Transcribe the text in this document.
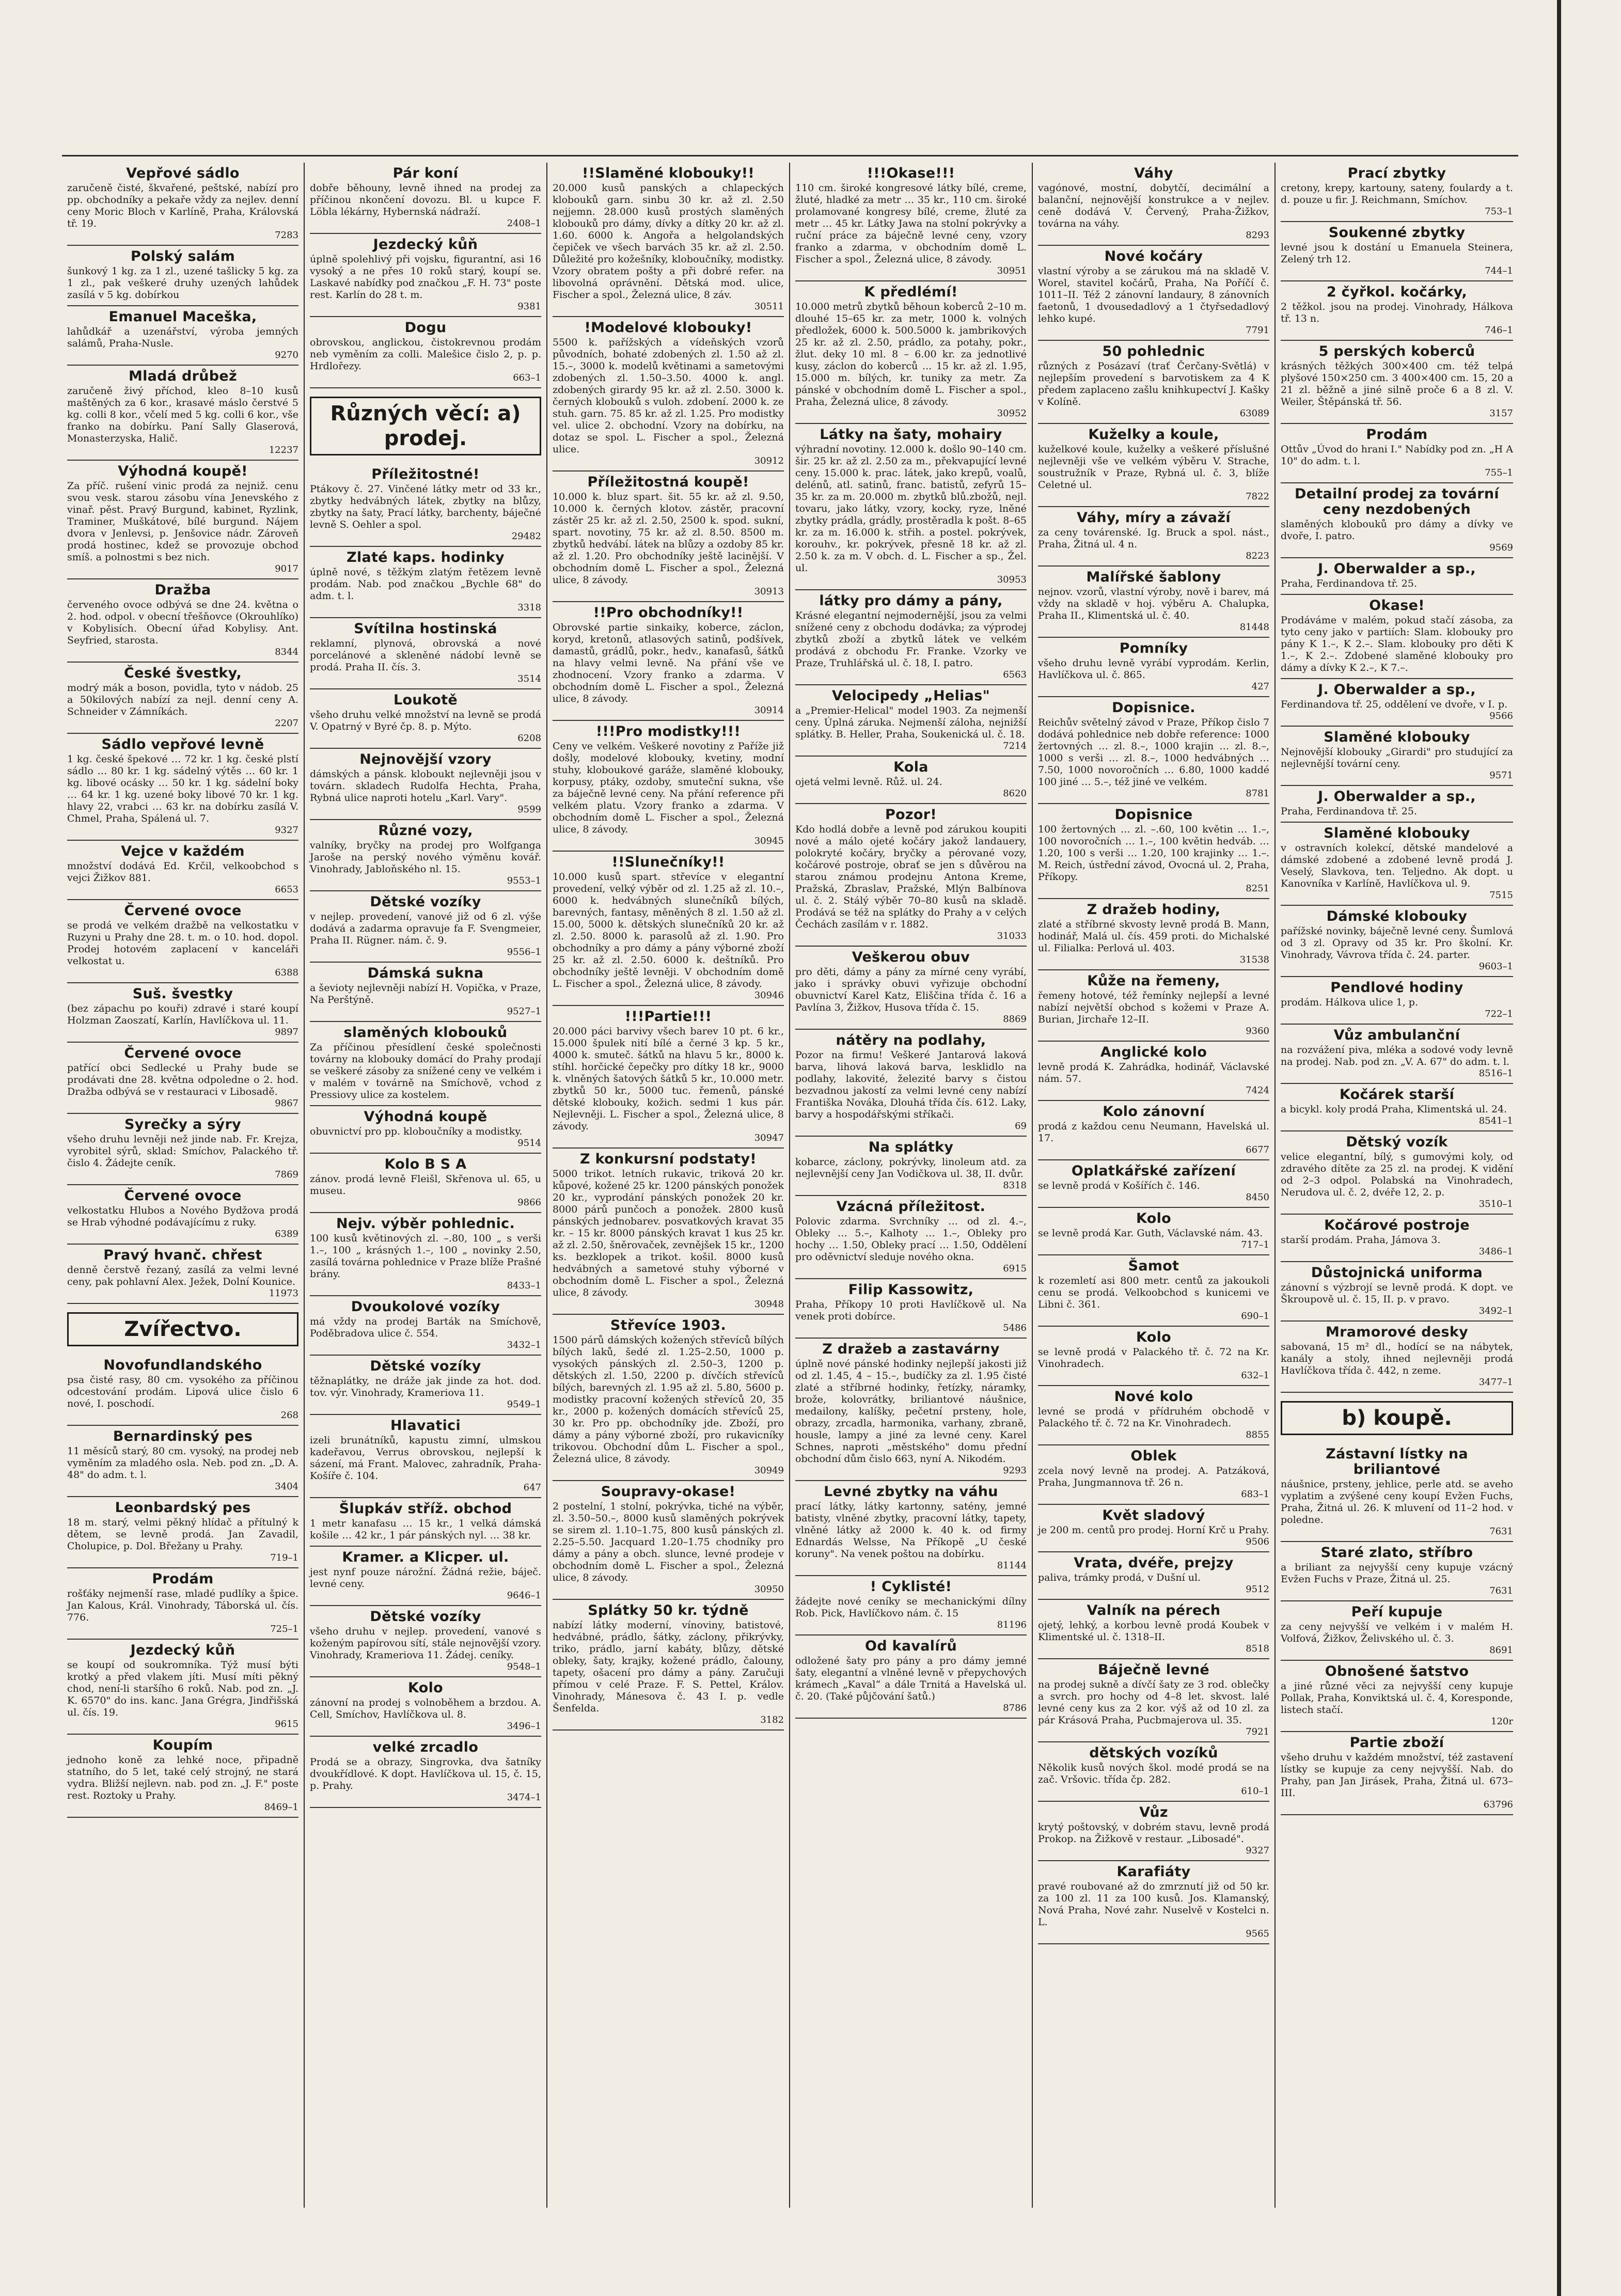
Vepřové sádlo

zaručeně čisté, škvařené, peštské, nabízí pro pp. obchodníky a pekaře vždy za nejlev. denní ceny Moric Bloch v Karlíně, Praha, Královská tř. 19.

7283
Polský salám

šunkový 1 kg. za 1 zl., uzené tašlicky 5 kg. za 1 zl., pak veškeré druhy uzených lahůdek zasílá v 5 kg. dobírkou

Emanuel Maceška,

lahůdkář a uzenářství, výroba jemných salámů, Praha-Nusle.

9270
Mladá drůbež

zaručeně živý příchod, kleo 8–10 kusů maštěných za 6 kor., krasavé máslo čerstvé 5 kg. colli 8 kor., včelí med 5 kg. colli 6 kor., vše franko na dobírku. Paní Sally Glaserová, Monasterzyska, Halič.

12237
Výhodná koupě!

Za příč. rušení vinic prodá za nejniž. cenu svou vesk. starou zásobu vína Jenevského z vinař. pěst. Pravý Burgund, kabinet, Ryzlink, Traminer, Muškátové, bílé burgund. Nájem dvora v Jenlevsi, p. Jenšovice nádr. Zároveň prodá hostinec, kdež se provozuje obchod smíš. a polnostmi s bez nich.

9017
Dražba

červeného ovoce odbývá se dne 24. května o 2. hod. odpol. v obecní třešňovce (Okrouhlíko) v Kobylisích. Obecní úřad Kobylisy. Ant. Seyfried, starosta.

8344
České švestky,

modrý mák a boson, povidla, tyto v nádob. 25 a 50kilových nabízí za nejl. denní ceny A. Schneider v Zámníkách.

2207
Sádlo vepřové levně

1 kg. české špekové … 72 kr. 1 kg. české plstí sádlo … 80 kr. 1 kg. sádelný výtěs … 60 kr. 1 kg. libové ocásky … 50 kr. 1 kg. sádelní boky … 64 kr. 1 kg. uzené boky libové 70 kr. 1 kg. hlavy 22, vrabci … 63 kr. na dobírku zasílá V. Chmel, Praha, Spálená ul. 7.

9327
Vejce v každém

množství dodává Ed. Krčil, velkoobchod s vejci Žižkov 881.

6653
Červené ovoce

se prodá ve velkém dražbě na velkostatku v Ruzyni u Prahy dne 28. t. m. o 10. hod. dopol. Prodej hotovém zaplacení v kanceláři velkostat u.

6388
Suš. švestky

(bez zápachu po kouři) zdravé i staré koupí Holzman Zaoszatí, Karlín, Havlíčkova ul. 11.

9897
Červené ovoce

patřící obci Sedlecké u Prahy bude se prodávati dne 28. května odpoledne o 2. hod. Dražba odbývá se v restauraci v Libosadě.

9867
Syrečky a sýry

všeho druhu levněji než jinde nab. Fr. Krejza, vyrobitel sýrů, sklad: Smíchov, Palackého tř. čislo 4. Žádejte ceník.

7869
Červené ovoce

velkostatku Hlubos a Nového Bydžova prodá se Hrab výhodné podávajícímu z ruky.

6389
Pravý hvanč. chřest

denně čerstvě řezaný, zasílá za velmi levné ceny, pak pohlavní Alex. Ježek, Dolní Kounice.

11973
Zvířectvo.
Novofundlandského

psa čisté rasy, 80 cm. vysokého za příčinou odcestování prodám. Lipová ulice čislo 6 nové, I. poschodí.

268
Bernardinský pes

11 měsíců starý, 80 cm. vysoký, na prodej neb vyměním za mladého osla. Neb. pod zn. „D. A. 48" do adm. t. l.

3404
Leonbardský pes

18 m. starý, velmi pěkný hlídač a přítulný k dětem, se levně prodá. Jan Zavadil, Cholupice, p. Dol. Břežany u Prahy.

719–1
Prodám

rošťáky nejmenší rase, mladé pudlíky a špice. Jan Kalous, Král. Vinohrady, Táborská ul. čís. 776.

725–1
Jezdecký kůň

se koupí od soukromníka. Týž musí býti krotký a před vlakem jíti. Musí míti pěkný chod, není-li staršího 6 roků. Nab. pod zn. „J. K. 6570" do ins. kanc. Jana Grégra, Jindřišská ul. čís. 19.

9615
Koupím

jednoho koně za lehké noce, připadně statního, do 5 let, také celý strojný, ne stará vydra. Bližší nejlevn. nab. pod zn. „J. F." poste rest. Roztoky u Prahy.

8469–1
Pár koní

dobře běhouny, levně ihned na prodej za příčinou nkončení dovozu. Bl. u kupce F. Löbla lékárny, Hybernská nádraží.

2408–1
Jezdecký kůň

úplně spolehlivý při vojsku, figurantní, asi 16 vysoký a ne přes 10 roků starý, koupí se. Laskavé nabídky pod značkou „F. H. 73" poste rest. Karlín do 28 t. m.

9381
Dogu

obrovskou, anglickou, čistokrevnou prodám neb vyměním za colli. Malešice čislo 2, p. p. Hrdlořezy.

663–1
Různých věcí: a) prodej.
Příležitostné!

Ptákovy č. 27. Vinčené látky metr od 33 kr., zbytky hedvábných látek, zbytky na blůzy, zbytky na šaty, Prací látky, barchenty, báječné levně S. Oehler a spol.

29482
Zlaté kaps. hodinky

úplně nové, s těžkým zlatým řetězem levně prodám. Nab. pod značkou „Bychle 68" do adm. t. l.

3318
Svítilna hostinská

reklamní, plynová, obrovská a nové porcelánové a skleněné nádobí levně se prodá. Praha II. čís. 3.

3514
Loukotě

všeho druhu velké množství na levně se prodá V. Opatrný v Byré čp. 8. p. Mýto.

6208
Nejnovější vzory

dámských a pánsk. kloboukt nejlevněji jsou v továrn. skladech Rudolfa Hechta, Praha, Rybná ulice naproti hotelu „Karl. Vary".

9599
Různé vozy,

valníky, bryčky na prodej pro Wolfganga Jaroše na perský nového výměnu kovář. Vinohrady, Jabloňského nl. 15.

9553–1
Dětské vozíky

v nejlep. provedení, vanové již od 6 zl. výše dodává a zadarma opravuje fa F. Svengmeier, Praha II. Rügner. nám. č. 9.

9556–1
Dámská sukna

a ševioty nejlevněji nabízí H. Vopička, v Praze, Na Perštýně.

9527–1
slaměných klobouků

Za příčinou přesídlení české společnosti továrny na klobouky domácí do Prahy prodají se veškeré zásoby za snížené ceny ve velkém i v malém v továrně na Smíchově, vchod z Pressiovy ulice za kostelem.

Výhodná koupě

obuvnictví pro pp. kloboučníky a modistky.

9514
Kolo B S A

zánov. prodá levně Fleišl, Skřenova ul. 65, u museu.

9866
Nejv. výběr pohlednic.

100 kusů květinových zl. –.80, 100 „ s verši 1.–, 100 „ krásných 1.–, 100 „ novinky 2.50, zasílá továrna pohlednice v Praze blíže Prašné brány.

8433–1
Dvoukolové vozíky

má vždy na prodej Barták na Smíchově, Poděbradova ulice č. 554.

3432–1
Dětské vozíky

těžnaplátky, ne dráže jak jinde za hot. dod. tov. výr. Vinohrady, Krameriova 11.

9549–1
Hlavatici

izeli brunátníků, kapustu zimní, ulmskou kadeřavou, Verrus obrovskou, nejlepší k sázení, má Frant. Malovec, zahradník, Praha-Košíře č. 104.

647
Šlupkáv stříž. obchod

1 metr kanafasu … 15 kr., 1 velká dámská košile … 42 kr., 1 pár pánských nyl. … 38 kr.

Kramer. a Klicper. ul.

jest nynf pouze nárožní. Žádná režie, báječ. levné ceny.

9646–1
Dětské vozíky

všeho druhu v nejlep. provedení, vanové s koženým papírovou sítí, stále nejnovější vzory. Vinohrady, Krameriova 11. Žádej. ceníky.

9548–1
Kolo

zánovní na prodej s volnoběhem a brzdou. A. Cell, Smíchov, Havlíčkova ul. 8.

3496–1
velké zrcadlo

Prodá se a obrazy, Singrovka, dva šatníky dvoukřídlové. K dopt. Havlíčkova ul. 15, č. 15, p. Prahy.

3474–1
!!Slaměné klobouky!!

20.000 kusů panských a chlapeckých klobouků garn. sinbu 30 kr. až zl. 2.50 nejjemn. 28.000 kusů prostých slaměných klobouků pro dámy, dívky a dítky 20 kr. až zl. 1.60. 6000 k. Angořa a helgolandských čepiček ve všech barvách 35 kr. až zl. 2.50. Důležité pro kožešníky, kloboučníky, modistky. Vzory obratem pošty a při dobré refer. na libovolná oprávnění. Dětská mod. ulice, Fischer a spol., Železná ulice, 8 záv.

30511
!Modelové klobouky!

5500 k. pařížských a vídeňských vzorů původních, bohaté zdobených zl. 1.50 až zl. 15.–, 3000 k. modelů květinami a sametovými zdobených zl. 1.50–3.50. 4000 k. angl. zdobených girardy 95 kr. až zl. 2.50. 3000 k. černých klobouků s vuloh. zdobení. 2000 k. ze stuh. garn. 75. 85 kr. až zl. 1.25. Pro modistky vel. ulice 2. obchodní. Vzory na dobírku, na dotaz se spol. L. Fischer a spol., Železná ulice.

30912
Příležitostná koupě!

10.000 k. bluz spart. šit. 55 kr. až zl. 9.50, 10.000 k. černých klotov. zástěr, pracovní zástěr 25 kr. až zl. 2.50, 2500 k. spod. sukní, spart. novotiny, 75 kr. až zl. 8.50. 8500 m. zbytků hedvábí. látek na blůzy a ozdoby 85 kr. až zl. 1.20. Pro obchodníky ještě lacinější. V obchodním domě L. Fischer a spol., Železná ulice, 8 závody.

30913
!!Pro obchodníky!!

Obrovské partie sinkaiky, koberce, záclon, koryd, kretonů, atlasových satinů, podšívek, damastů, grádlů, pokr., hedv., kanafasů, šátků na hlavy velmi levně. Na přání vše ve zhodnocení. Vzory franko a zdarma. V obchodním domě L. Fischer a spol., Železná ulice, 8 závody.

30914
!!!Pro modistky!!!

Ceny ve velkém. Veškeré novotiny z Paříže již došly, modelové klobouky, kvetiny, modní stuhy, kloboukové garáže, slaměné klobouky, korpusy, ptáky, ozdoby, smuteční sukna, vše za báječně levné ceny. Na přání reference při velkém platu. Vzory franko a zdarma. V obchodním domě L. Fischer a spol., Železná ulice, 8 závody.

30945
!!Slunečníky!!

10.000 kusů spart. střevíce v elegantní provedení, velký výběr od zl. 1.25 až zl. 10.–, 6000 k. hedvábných slunečníků bílých, barevných, fantasy, měněných 8 zl. 1.50 až zl. 15.00, 5000 k. dětských slunečníků 20 kr. až zl. 2.50. 8000 k. parasolů až zl. 1.90. Pro obchodníky a pro dámy a pány výborné zboží 25 kr. až zl. 2.50. 6000 k. deštníků. Pro obchodníky ještě levněji. V obchodním domě L. Fischer a spol., Železná ulice, 8 závody.

30946
!!!Partie!!!

20.000 páci barvivy všech barev 10 pt. 6 kr., 15.000 špulek nití bílé a černé 3 kp. 5 kr., 4000 k. smuteč. šátků na hlavu 5 kr., 8000 k. stíhl. horčické čepečky pro dítky 18 kr., 9000 k. vlněných šatových šátků 5 kr., 10.000 metr. zbytků 50 kr., 5000 tuc. řemenů, pánské dětské klobouky, kožich. sedmi 1 kus pár. Nejlevněji. L. Fischer a spol., Železná ulice, 8 závody.

30947
Z konkursní podstaty!

5000 trikot. letních rukavic, triková 20 kr. kůpové, kožené 25 kr. 1200 pánských ponožek 20 kr., vyprodání pánských ponožek 20 kr. 8000 párů punčoch a ponožek. 2800 kusů pánských jednobarev. posvatkových kravat 35 kr. – 15 kr. 8000 pánských kravat 1 kus 25 kr. až zl. 2.50, šněrovaček, zevnějšek 15 kr., 1200 ks. bezklopek a trikot. košil. 8000 kusů hedvábných a sametové stuhy výborné v obchodním domě L. Fischer a spol., Železná ulice, 8 závody.

30948
Střevíce 1903.

1500 párů dámských kožených střevíců bílých bílých laků, šedé zl. 1.25–2.50, 1000 p. vysokých pánských zl. 2.50–3, 1200 p. dětských zl. 1.50, 2200 p. dívčích střevíců bílých, barevných zl. 1.95 až zl. 5.80, 5600 p. modistky pracovní kožených střevíců 20, 35 kr., 2000 p. kožených domácích střevíců 25, 30 kr. Pro pp. obchodníky jde. Zboží, pro dámy a pány výborné zboží, pro rukavicníky trikovou. Obchodní dům L. Fischer a spol., Železná ulice, 8 závody.

30949
Soupravy-okase!

2 postelní, 1 stolní, pokrývka, tiché na výběr, zl. 3.50–50.–, 8000 kusů slaměných pokrývek se sirem zl. 1.10–1.75, 800 kusů pánských zl. 2.25–5.50. Jacquard 1.20–1.75 chodníky pro dámy a pány a obch. slunce, levné prodeje v obchodním domě L. Fischer a spol., Železná ulice, 8 závody.

30950
Splátky 50 kr. týdně

nabízí látky moderní, vínoviny, batistové, hedvábné, prádlo, šátky, záclony, přikrývky, triko, prádlo, jarní kabáty, blůzy, dětské obleky, šaty, krajky, kožené prádlo, čalouny, tapety, ošacení pro dámy a pány. Zaručuji přímou v celé Praze. F. S. Pettel, Králov. Vinohrady, Mánesova č. 43 I. p. vedle Šenfelda.

3182
!!!Okase!!!

110 cm. široké kongresové látky bílé, creme, žluté, hladké za metr … 35 kr., 110 cm. široké prolamované kongresy bílé, creme, žluté za metr … 45 kr. Látky Jawa na stolní pokrývky a ruční práce za báječně levné ceny, vzory franko a zdarma, v obchodním domě L. Fischer a spol., Železná ulice, 8 závody.

30951
K předlémí!

10.000 metrů zbytků běhoun koberců 2–10 m. dlouhé 15–65 kr. za metr, 1000 k. volných předložek, 6000 k. 500.5000 k. jambrikových 25 kr. až zl. 2.50, prádlo, za potahy, pokr., žlut. deky 10 ml. 8 – 6.00 kr. za jednotlivé kusy, záclon do koberců ... 15 kr. až zl. 1.95, 15.000 m. bílých, kr. tuniky za metr. Za pánské v obchodním domě L. Fischer a spol., Praha, Železná ulice, 8 závody.

30952
Látky na šaty, mohairy

výhradní novotiny. 12.000 k. došlo 90–140 cm. šir. 25 kr. až zl. 2.50 za m., překvapující levné ceny. 15.000 k. prac. látek, jako krepů, voalů, delénů, atl. satinů, franc. batistů, zefyrů 15–35 kr. za m. 20.000 m. zbytků blů.zbožů, nejl. tovaru, jako látky, vzory, kocky, ryze, lněné zbytky prádla, grádly, prostěradla k pošt. 8–65 kr. za m. 16.000 k. střih. a postel. pokrývek, korouhv., kr. pokrývek, přesně 18 kr. až zl. 2.50 k. za m. V obch. d. L. Fischer a sp., Žel. ul.

30953
látky pro dámy a pány,

Krásné elegantní nejmodernější, jsou za velmi snížené ceny z obchodu dodávka; za výprodej zbytků zboží a zbytků látek ve velkém prodává z obchodu Fr. Franke. Vzorky ve Praze, Truhlářská ul. č. 18, I. patro.

6563
Velocipedy „Helias"

a „Premier-Helical" model 1903. Za nejmenší ceny. Úplná záruka. Nejmenší záloha, nejnižší splátky. B. Heller, Praha, Soukenická ul. č. 18.

7214
Kola

ojetá velmi levně. Růž. ul. 24.

8620
Pozor!

Kdo hodlá dobře a levně pod zárukou koupiti nové a málo ojeté kočáry jakož landauery, polokryté kočáry, bryčky a pérované vozy, kočárové postroje, obrať se jen s důvěrou na starou známou prodejnu Antona Kreme, Pražská, Zbraslav, Pražské, Mlýn Balbínova ul. č. 2. Stálý výběr 70–80 kusů na skladě. Prodává se též na splátky do Prahy a v celých Čechách zasílám v r. 1882.

31033
Veškerou obuv

pro děti, dámy a pány za mírné ceny vyrábí, jako i správky obuvi vyřizuje obchodní obuvnictví Karel Katz, Eliščina třída č. 16 a Pavlína 3, Žižkov, Husova třída č. 15.

8869
nátěry na podlahy,

Pozor na firmu! Veškeré Jantarová laková barva, lihová laková barva, lesklidlo na podlahy, lakovité, železité barvy s čistou bezvadnou jakostí za velmi levné ceny nabízí Františka Nováka, Dlouhá třída čís. 612. Laky, barvy a hospodářskými stříkači.

69
Na splátky

kobarce, záclony, pokrývky, linoleum atd. za nejlevnější ceny Jan Vodičkova ul. 38, II. dvůr.

8318
Vzácná příležitost.

Polovic zdarma. Svrchníky … od zl. 4.–, Obleky … 5.–, Kalhoty … 1.–, Obleky pro hochy … 1.50, Obleky prací … 1.50, Oddělení pro oděvnictví sleduje nového okna.

6915
Filip Kassowitz,

Praha, Příkopy 10 proti Havlíčkově ul. Na venek proti dobírce.

5486
Z dražeb a zastavárny

úplně nové pánské hodinky nejlepší jakosti již od zl. 1.45, 4 – 15.–, budíčky za zl. 1.95 čisté zlaté a stříbrné hodinky, řetízky, náramky, brože, kolovrátky, briliantové náušnice, medailony, kalíšky, pečetní prsteny, hole, obrazy, zrcadla, harmonika, varhany, zbraně, housle, lampy a jiné za levné ceny. Karel Schnes, naproti „městského" domu přední obchodní dům čislo 663, nyní A. Nikodém.

9293
Levné zbytky na váhu

prací látky, látky kartonny, satény, jemné batisty, vlněné zbytky, pracovní látky, tapety, vlněné látky až 2000 k. 40 k. od firmy Ednardás Welsse, Na Příkopě „U české koruny". Na venek poštou na dobírku.

81144
! Cyklisté!

žádejte nové ceníky se mechanickými dílny Rob. Pick, Havlíčkovo nám. č. 15

81196
Od kavalírů

odložené šaty pro pány a pro dámy jemné šaty, elegantní a vlněné levně v přepychových krámech „Kaval“ a dále Trnitá a Havelská ul. č. 20. (Také půjčování šatů.)

8786
Váhy

vagónové, mostní, dobytčí, decimální a balanční, nejnovější konstrukce a v nejlev. ceně dodává V. Červený, Praha-Žižkov, továrna na váhy.

8293
Nové kočáry

vlastní výroby a se zárukou má na skladě V. Worel, stavitel kočárů, Praha, Na Poříčí č. 1011–II. Též 2 zánovní landaury, 8 zánovních faetonů, 1 dvousedadlový a 1 čtyřsedadlový lehko kupé.

7791
50 pohlednic

různých z Posázaví (trať Čerčany-Světlá) v nejlepším provedení s barvotiskem za 4 K předem zaplaceno zašlu knihkupectví J. Kašky v Kolíně.

63089
Kuželky a koule,

kuželkové koule, kuželky a veškeré příslušné nejlevněji vše ve velkém výběru V. Strache, soustružník v Praze, Rybná ul. č. 3, blíže Celetné ul.

7822
Váhy, míry a závaží

za ceny továrenské. Ig. Bruck a spol. nást., Praha, Žitná ul. 4 n.

8223
Malířské šablony

nejnov. vzorů, vlastní výroby, nově i barev, má vždy na skladě v hoj. výběru A. Chalupka, Praha II., Klimentská ul. č. 40.

81448
Pomníky

všeho druhu levně vyrábí vyprodám. Kerlin, Havlíčkova ul. č. 865.

427
Dopisnice.

Reichův světelný závod v Praze, Příkop čislo 7 dodává pohlednice neb dobře reference: 1000 žertovných … zl. 8.–, 1000 krajin … zl. 8.–, 1000 s verši … zl. 8.–, 1000 hedvábných … 7.50, 1000 novoročních … 6.80, 1000 kaddé 100 jiné … 5.–, též jiné ve velkém.

8781
Dopisnice

100 žertovných … zl. –.60, 100 květin … 1.–, 100 novoročních … 1.–, 100 květin hedváb. … 1.20, 100 s verši … 1.20, 100 krajinky … 1.–. M. Reich, ústřední závod, Ovocná ul. 2, Praha, Příkopy.

8251
Z dražeb hodiny,

zlaté a stříbrné skvosty levně prodá B. Mann, hodinář, Malá ul. čís. 459 proti. do Michalské ul. Filialka: Perlová ul. 403.

31538
Kůže na řemeny,

řemeny hotové, též řemínky nejlepší a levné nabízí největší obchod s kožemi v Praze A. Burian, Jirchaře 12–II.

9360
Anglické kolo

levně prodá K. Zahrádka, hodinář, Václavské nám. 57.

7424
Kolo zánovní

prodá z každou cenu Neumann, Havelská ul. 17.

6677
Oplatkářské zařízení

se levně prodá v Košířích č. 146.

8450
Kolo

se levně prodá Kar. Guth, Václavské nám. 43.

717–1
Šamot

k rozemletí asi 800 metr. centů za jakoukoli cenu se prodá. Velkoobchod s kunicemi ve Libni č. 361.

690–1
Kolo

se levně prodá v Palackého tř. č. 72 na Kr. Vinohradech.

632–1
Nové kolo

levné se prodá v přídruhém obchodě v Palackého tř. č. 72 na Kr. Vinohradech.

8855
Oblek

zcela nový levně na prodej. A. Patzáková, Praha, Jungmannova tř. 26 n.

683–1
Květ sladový

je 200 m. centů pro prodej. Horní Krč u Prahy.

9506
Vrata, dvéře, prejzy

paliva, trámky prodá, v Dušní ul.

9512
Valník na pérech

ojetý, lehký, a korbou levně prodá Koubek v Klimentské ul. č. 1318–II.

8518
Báječně levné

na prodej sukně a dívčí šaty ze 3 rod. oblečky a svrch. pro hochy od 4–8 let. skvost. lalé levné ceny kus za 2 kor. výš až od 10 zl. za pár Krásová Praha, Pucbmajerova ul. 35.

7921
dětských vozíků

Několik kusů nových škol. modé prodá se na zač. Vršovic. třída čp. 282.

610–1
Vůz

krytý poštovský, v dobrém stavu, levně prodá Prokop. na Žižkově v restaur. „Libosadé".

9327
Karafiáty

pravé roubované až do zmrznutí již od 50 kr. za 100 zl. 11 za 100 kusů. Jos. Klamanský, Nová Praha, Nové zahr. Nuselvě v Kostelci n. L.

9565
Prací zbytky

cretony, krepy, kartouny, sateny, foulardy a t. d. pouze u fir. J. Reichmann, Smíchov.

753–1
Soukenné zbytky

levné jsou k dostání u Emanuela Steinera, Zelený trh 12.

744–1
2 čyřkol. kočárky,

2 těžkol. jsou na prodej. Vinohrady, Hálkova tř. 13 n.

746–1
5 perských koberců

krásných těžkých 300×400 cm. též telpá plyšové 150×250 cm. 3 400×400 cm. 15, 20 a 21 zl. běžně a jiné silně proče 6 a 8 zl. V. Weiler, Štěpánská tř. 56.

3157
Prodám

Ottův „Úvod do hrani I." Nabídky pod zn. „H A 10" do adm. t. l.

755–1
Detailní prodej za tovární ceny nezdobených

slaměných klobouků pro dámy a dívky ve dvoře, I. patro.

9569
J. Oberwalder a sp.,

Praha, Ferdinandova tř. 25.

Okase!

Prodáváme v malém, pokud stačí zásoba, za tyto ceny jako v partiích: Slam. klobouky pro pány K 1.–, K 2.–. Slam. klobouky pro děti K 1.–, K 2.–. Zdobené slaměné klobouky pro dámy a dívky K 2.–, K 7.–.

J. Oberwalder a sp.,

Ferdinandova tř. 25, oddělení ve dvoře, v I. p.

9566
Slaměné klobouky

Nejnovější klobouky „Girardi" pro studující za nejlevnější tovární ceny.

9571
J. Oberwalder a sp.,

Praha, Ferdinandova tř. 25.

Slaměné klobouky

v ostravních kolekcí, dětské mandelové a dámské zdobené a zdobené levně prodá J. Veselý, Slavkova, ten. Teljedno. Ak dopt. u Kanovníka v Karlíně, Havlíčkova ul. 9.

7515
Dámské klobouky

pařížské novinky, báječně levné ceny. Šumlová od 3 zl. Opravy od 35 kr. Pro školní. Kr. Vinohrady, Vávrova třída č. 24. parter.

9603–1
Pendlové hodiny

prodám. Hálkova ulice 1, p.

722–1
Vůz ambulanční

na rozvážení piva, mléka a sodové vody levně na prodej. Nab. pod zn. „V. A. 67" do adm. t. l.

8516–1
Kočárek starší

a bicykl. koly prodá Praha, Klimentská ul. 24.

8541–1
Dětský vozík

velice elegantní, bílý, s gumovými koly, od zdravého dítěte za 25 zl. na prodej. K vidění od 2–3 odpol. Polabská na Vinohradech, Nerudova ul. č. 2, dvéře 12, 2. p.

3510–1
Kočárové postroje

starší prodám. Praha, Jámova 3.

3486–1
Důstojnická uniforma

zánovní s výzbrojí se levně prodá. K dopt. ve Škroupově ul. č. 15, II. p. v pravo.

3492–1
Mramorové desky

sabovaná, 15 m² dl., hodící se na nábytek, kanály a stoly, ihned nejlevněji prodá Havlíčkova třída č. 442, n zeme.

3477–1
b) koupě.
Zástavní lístky na briliantové

náušnice, prsteny, jehlice, perle atd. se aveho vyplatim a zvýšené ceny koupí Evžen Fuchs, Praha, Žitná ul. 26. K mluvení od 11–2 hod. v poledne.

7631
Staré zlato, stříbro

a briliant za nejvyšší ceny kupuje vzácný Evžen Fuchs v Praze, Žitná ul. 25.

7631
Peří kupuje

za ceny nejvyšší ve velkém i v malém H. Volfová, Žižkov, Želivského ul. č. 3.

8691
Obnošené šatstvo

a jiné různé věci za nejvyšší ceny kupuje Pollak, Praha, Konviktská ul. č. 4, Koresponde, listech stačí.

120r
Partie zboží

všeho druhu v každém množství, též zastavení lístky se kupuje za ceny nejvyšší. Nab. do Prahy, pan Jan Jirásek, Praha, Žitná ul. 673–III.

63796
